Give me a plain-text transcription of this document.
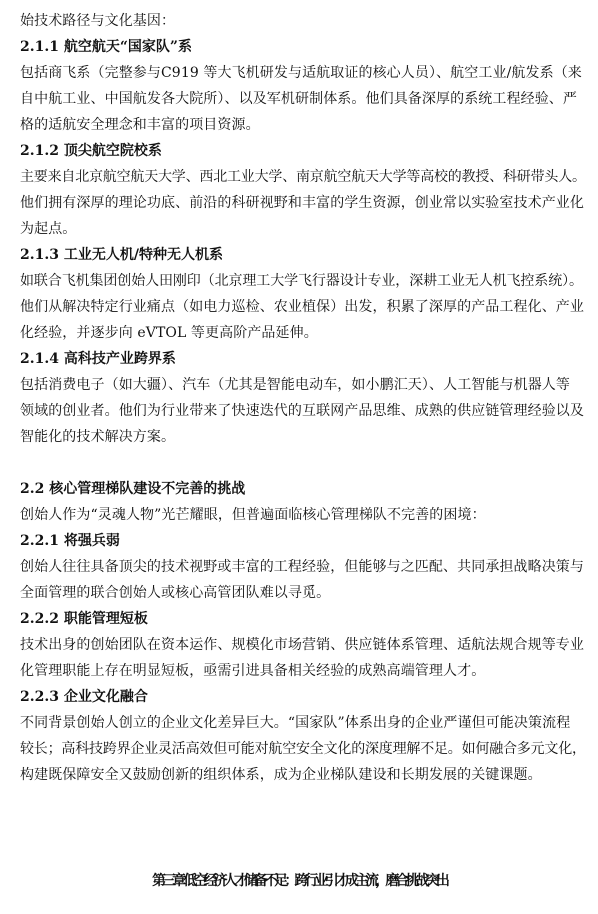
始技术路径与文化基因：
2.1.1 航空航天“国家队”系
包括商飞系（完整参与C919 等大飞机研发与适航取证的核心人员）、航空工业/航发系（来
自中航工业、中国航发各大院所）、以及军机研制体系。他们具备深厚的系统工程经验、严
格的适航安全理念和丰富的项目资源。
2.1.2 顶尖航空院校系
主要来自北京航空航天大学、西北工业大学、南京航空航天大学等高校的教授、科研带头人。
他们拥有深厚的理论功底、前沿的科研视野和丰富的学生资源，创业常以实验室技术产业化
为起点。
2.1.3 工业无人机/特种无人机系
如联合飞机集团创始人田刚印（北京理工大学飞行器设计专业，深耕工业无人机飞控系统）。
他们从解决特定行业痛点（如电力巡检、农业植保）出发，积累了深厚的产品工程化、产业
化经验，并逐步向 eVTOL 等更高阶产品延伸。
2.1.4 高科技产业跨界系
包括消费电子（如大疆）、汽车（尤其是智能电动车，如小鹏汇天）、人工智能与机器人等
领域的创业者。他们为行业带来了快速迭代的互联网产品思维、成熟的供应链管理经验以及
智能化的技术解决方案。
2.2 核心管理梯队建设不完善的挑战
创始人作为“灵魂人物”光芒耀眼，但普遍面临核心管理梯队不完善的困境：
2.2.1 将强兵弱
创始人往往具备顶尖的技术视野或丰富的工程经验，但能够与之匹配、共同承担战略决策与
全面管理的联合创始人或核心高管团队难以寻觅。
2.2.2 职能管理短板
技术出身的创始团队在资本运作、规模化市场营销、供应链体系管理、适航法规合规等专业
化管理职能上存在明显短板，亟需引进具备相关经验的成熟高端管理人才。
2.2.3 企业文化融合
不同背景创始人创立的企业文化差异巨大。“国家队”体系出身的企业严谨但可能决策流程
较长；高科技跨界企业灵活高效但可能对航空安全文化的深度理解不足。如何融合多元文化，
构建既保障安全又鼓励创新的组织体系，成为企业梯队建设和长期发展的关键课题。
第三章 低空经济人才储备不足：跨行业引才成主流，磨合挑战突出
